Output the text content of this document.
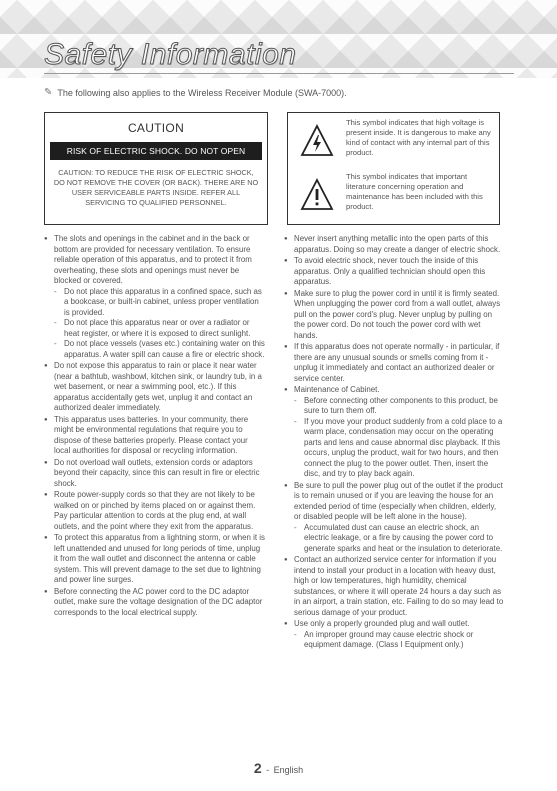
Safety Information
✎ The following also applies to the Wireless Receiver Module (SWA-7000).
CAUTION
RISK OF ELECTRIC SHOCK. DO NOT OPEN
CAUTION: TO REDUCE THE RISK OF ELECTRIC SHOCK, DO NOT REMOVE THE COVER (OR BACK). THERE ARE NO USER SERVICEABLE PARTS INSIDE. REFER ALL SERVICING TO QUALIFIED PERSONNEL.
This symbol indicates that high voltage is present inside. It is dangerous to make any kind of contact with any internal part of this product.
This symbol indicates that important literature concerning operation and maintenance has been included with this product.
● The slots and openings in the cabinet and in the back or bottom are provided for necessary ventilation. To ensure reliable operation of this apparatus, and to protect it from overheating, these slots and openings must never be blocked or covered.
- Do not place this apparatus in a confined space, such as a bookcase, or built-in cabinet, unless proper ventilation is provided.
- Do not place this apparatus near or over a radiator or heat register, or where it is exposed to direct sunlight.
- Do not place vessels (vases etc.) containing water on this apparatus. A water spill can cause a fire or electric shock.
● Do not expose this apparatus to rain or place it near water (near a bathtub, washbowl, kitchen sink, or laundry tub, in a wet basement, or near a swimming pool, etc.). If this apparatus accidentally gets wet, unplug it and contact an authorized dealer immediately.
● This apparatus uses batteries. In your community, there might be environmental regulations that require you to dispose of these batteries properly. Please contact your local authorities for disposal or recycling information.
● Do not overload wall outlets, extension cords or adaptors beyond their capacity, since this can result in fire or electric shock.
● Route power-supply cords so that they are not likely to be walked on or pinched by items placed on or against them. Pay particular attention to cords at the plug end, at wall outlets, and the point where they exit from the apparatus.
● To protect this apparatus from a lightning storm, or when it is left unattended and unused for long periods of time, unplug it from the wall outlet and disconnect the antenna or cable system. This will prevent damage to the set due to lightning and power line surges.
● Before connecting the AC power cord to the DC adaptor outlet, make sure the voltage designation of the DC adaptor corresponds to the local electrical supply.
● Never insert anything metallic into the open parts of this apparatus. Doing so may create a danger of electric shock.
● To avoid electric shock, never touch the inside of this apparatus. Only a qualified technician should open this apparatus.
● Make sure to plug the power cord in until it is firmly seated. When unplugging the power cord from a wall outlet, always pull on the power cord's plug. Never unplug by pulling on the power cord. Do not touch the power cord with wet hands.
● If this apparatus does not operate normally - in particular, if there are any unusual sounds or smells coming from it - unplug it immediately and contact an authorized dealer or service center.
● Maintenance of Cabinet.
- Before connecting other components to this product, be sure to turn them off.
- If you move your product suddenly from a cold place to a warm place, condensation may occur on the operating parts and lens and cause abnormal disc playback. If this occurs, unplug the product, wait for two hours, and then connect the plug to the power outlet. Then, insert the disc, and try to play back again.
● Be sure to pull the power plug out of the outlet if the product is to remain unused or if you are leaving the house for an extended period of time (especially when children, elderly, or disabled people will be left alone in the house).
- Accumulated dust can cause an electric shock, an electric leakage, or a fire by causing the power cord to generate sparks and heat or the insulation to deteriorate.
● Contact an authorized service center for information if you intend to install your product in a location with heavy dust, high or low temperatures, high humidity, chemical substances, or where it will operate 24 hours a day such as in an airport, a train station, etc. Failing to do so may lead to serious damage of your product.
● Use only a properly grounded plug and wall outlet.
- An improper ground may cause electric shock or equipment damage. (Class I Equipment only.)
2 - English
